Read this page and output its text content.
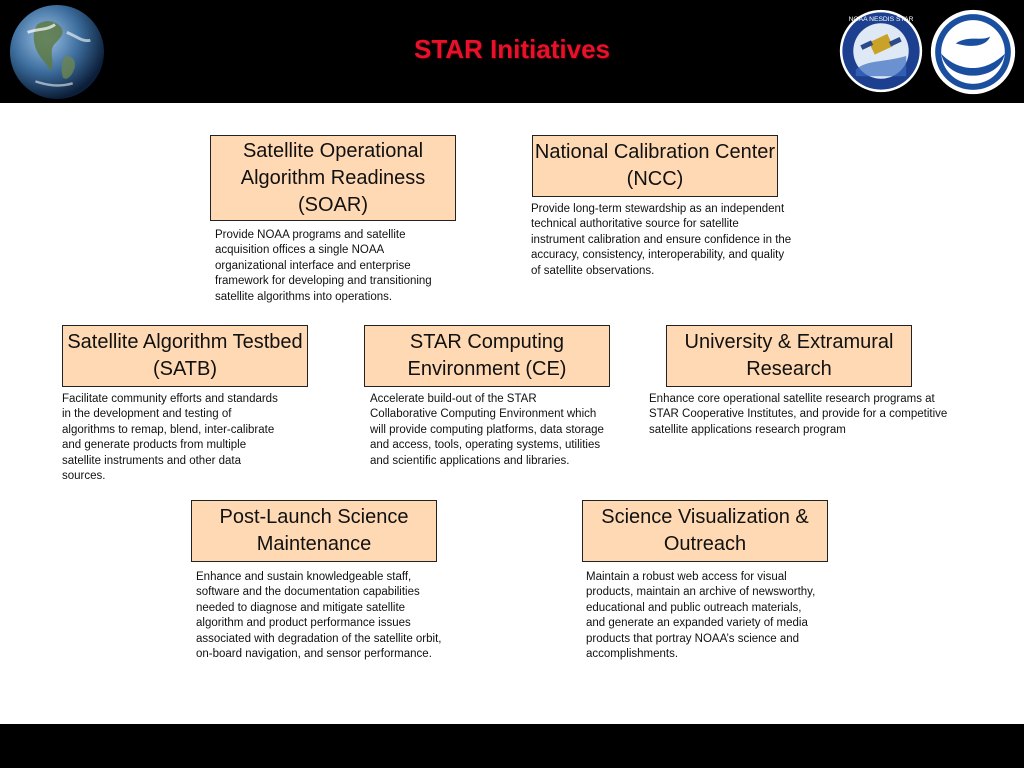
STAR Initiatives
NOAA NESDIS STAR
NOAA
Satellite Operational Algorithm Readiness (SOAR)
Provide NOAA programs and satellite acquisition offices a single NOAA organizational interface and enterprise framework for developing and transitioning satellite algorithms into operations.
National Calibration Center (NCC)
Provide long-term stewardship as an independent technical authoritative source for satellite instrument calibration and ensure confidence in the accuracy, consistency, interoperability, and quality of satellite observations.
Satellite Algorithm Testbed (SATB)
Facilitate community efforts and standards in the development and testing of algorithms to remap, blend, inter-calibrate and generate products from multiple satellite instruments and other data sources.
STAR Computing Environment (CE)
Accelerate build-out of the STAR Collaborative Computing Environment which will provide computing platforms, data storage and access, tools, operating systems, utilities and scientific applications and libraries.
University & Extramural Research
Enhance core operational satellite research programs at STAR Cooperative Institutes, and provide for a competitive satellite applications research program
Post-Launch Science Maintenance
Enhance and sustain knowledgeable staff, software and the documentation capabilities needed to diagnose and mitigate satellite algorithm and product performance issues associated with degradation of the satellite orbit, on-board navigation, and sensor performance.
Science Visualization & Outreach
Maintain a robust web access for visual products, maintain an archive of newsworthy, educational and public outreach materials, and generate an expanded variety of media products that portray NOAA’s science and accomplishments.
